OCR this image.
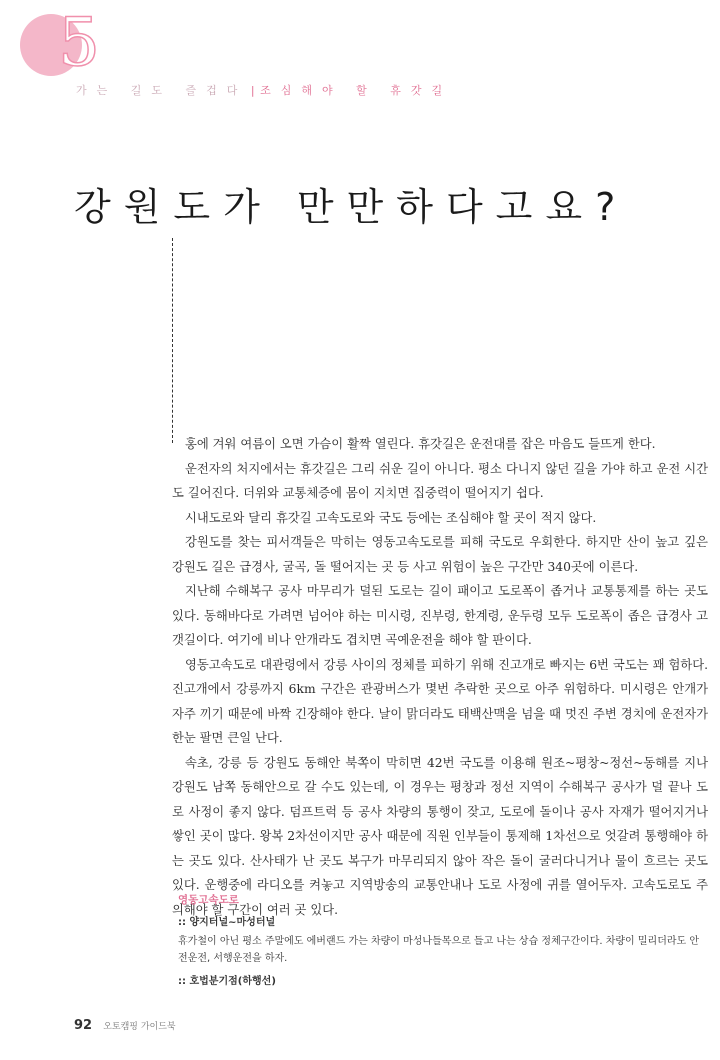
5
가는 길도 즐겁다 | 조심해야 할 휴갓길
강원도가 만만하다고요?

홍에 겨워 여름이 오면 가슴이 활짝 열린다. 휴갓길은 운전대를 잡은 마음도 들뜨게 한다.

운전자의 처지에서는 휴갓길은 그리 쉬운 길이 아니다. 평소 다니지 않던 길을 가야 하고 운전 시간도 길어진다. 더위와 교통체증에 몸이 지치면 집중력이 떨어지기 쉽다.

시내도로와 달리 휴갓길 고속도로와 국도 등에는 조심해야 할 곳이 적지 않다.

강원도를 찾는 피서객들은 막히는 영동고속도로를 피해 국도로 우회한다. 하지만 산이 높고 깊은 강원도 길은 급경사, 굴곡, 돌 떨어지는 곳 등 사고 위험이 높은 구간만 340곳에 이른다.

지난해 수해복구 공사 마무리가 덜된 도로는 길이 패이고 도로폭이 좁거나 교통통제를 하는 곳도 있다. 동해바다로 가려면 넘어야 하는 미시령, 진부령, 한계령, 운두령 모두 도로폭이 좁은 급경사 고갯길이다. 여기에 비나 안개라도 겹치면 곡예운전을 해야 할 판이다.

영동고속도로 대관령에서 강릉 사이의 정체를 피하기 위해 진고개로 빠지는 6번 국도는 꽤 험하다. 진고개에서 강릉까지 6km 구간은 관광버스가 몇번 추락한 곳으로 아주 위험하다. 미시령은 안개가 자주 끼기 때문에 바짝 긴장해야 한다. 날이 맑더라도 태백산맥을 넘을 때 멋진 주변 경치에 운전자가 한눈 팔면 큰일 난다.

속초, 강릉 등 강원도 동해안 북쪽이 막히면 42번 국도를 이용해 원조~평창~정선~동해를 지나 강원도 남쪽 동해안으로 갈 수도 있는데, 이 경우는 평창과 정선 지역이 수해복구 공사가 덜 끝나 도로 사정이 좋지 않다. 덤프트럭 등 공사 차량의 통행이 잦고, 도로에 돌이나 공사 자재가 떨어지거나 쌓인 곳이 많다. 왕복 2차선이지만 공사 때문에 직원 인부들이 통제해 1차선으로 엇갈려 통행해야 하는 곳도 있다. 산사태가 난 곳도 복구가 마무리되지 않아 작은 돌이 굴러다니거나 물이 흐르는 곳도 있다. 운행중에 라디오를 켜놓고 지역방송의 교통안내나 도로 사정에 귀를 열어두자. 고속도로도 주의해야 할 구간이 여러 곳 있다.

영동고속도로
:: 양지터널~마성터널
휴가철이 아닌 평소 주말에도 에버랜드 가는 차량이 마성나들목으로 들고 나는 상습 정체구간이다. 차량이 밀리더라도 안전운전, 서행운전을 하자.
:: 호법분기점(하행선)
92 오토캠핑 가이드북
